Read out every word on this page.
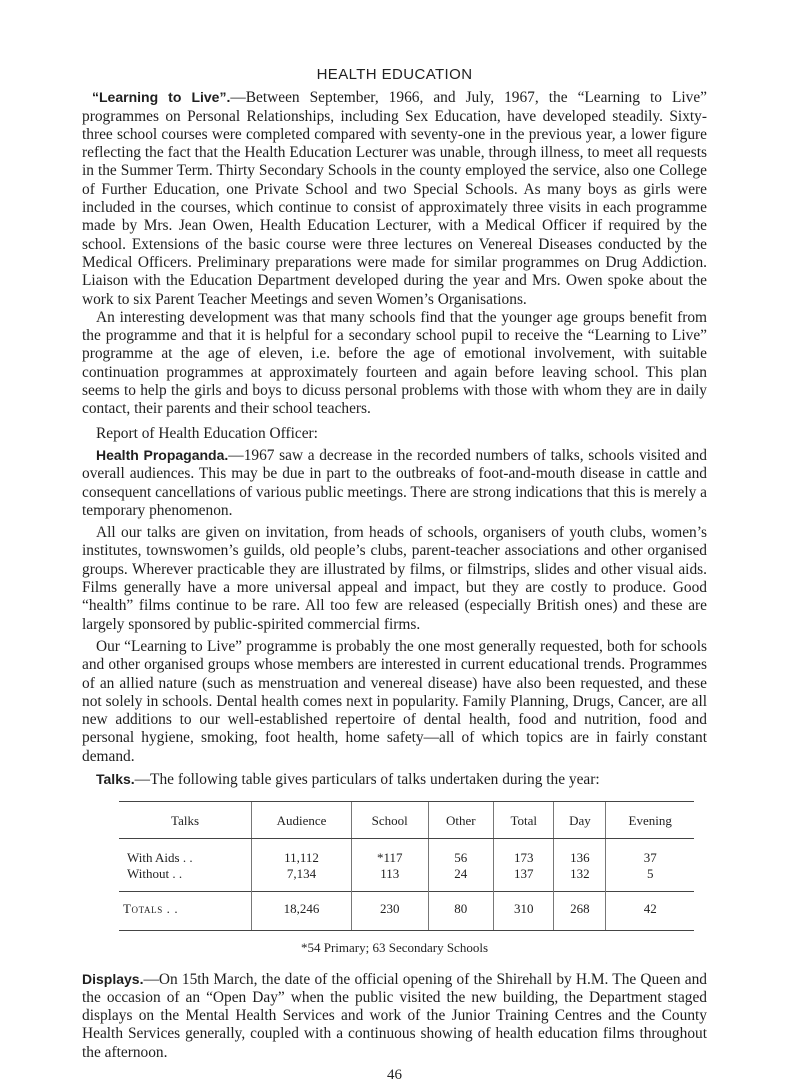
HEALTH EDUCATION

“Learning to Live”.—Between September, 1966, and July, 1967, the “Learning to Live” programmes on Personal Relationships, including Sex Education, have developed steadily. Sixty-three school courses were completed compared with seventy-one in the previous year, a lower figure reflecting the fact that the Health Education Lecturer was unable, through illness, to meet all requests in the Summer Term. Thirty Secondary Schools in the county employed the service, also one College of Further Education, one Private School and two Special Schools. As many boys as girls were included in the courses, which continue to consist of approximately three visits in each programme made by Mrs. Jean Owen, Health Education Lecturer, with a Medical Officer if required by the school. Extensions of the basic course were three lectures on Venereal Diseases conducted by the Medical Officers. Preliminary preparations were made for similar programmes on Drug Addiction. Liaison with the Education Department developed during the year and Mrs. Owen spoke about the work to six Parent Teacher Meetings and seven Women’s Organisations.

An interesting development was that many schools find that the younger age groups benefit from the programme and that it is helpful for a secondary school pupil to receive the “Learning to Live” programme at the age of eleven, i.e. before the age of emotional involvement, with suitable continuation programmes at approximately fourteen and again before leaving school. This plan seems to help the girls and boys to dicuss personal problems with those with whom they are in daily contact, their parents and their school teachers.

Report of Health Education Officer:

Health Propaganda.—1967 saw a decrease in the recorded numbers of talks, schools visited and overall audiences. This may be due in part to the outbreaks of foot-and-mouth disease in cattle and consequent cancellations of various public meetings. There are strong indications that this is merely a temporary phenomenon.

All our talks are given on invitation, from heads of schools, organisers of youth clubs, women’s institutes, townswomen’s guilds, old people’s clubs, parent-teacher associations and other organised groups. Wherever practicable they are illustrated by films, or filmstrips, slides and other visual aids. Films generally have a more universal appeal and impact, but they are costly to produce. Good “health” films continue to be rare. All too few are released (especially British ones) and these are largely sponsored by public-spirited commercial firms.

Our “Learning to Live” programme is probably the one most generally requested, both for schools and other organised groups whose members are interested in current educational trends. Programmes of an allied nature (such as menstruation and venereal disease) have also been requested, and these not solely in schools. Dental health comes next in popularity. Family Planning, Drugs, Cancer, are all new additions to our well-established repertoire of dental health, food and nutrition, food and personal hygiene, smoking, foot health, home safety—all of which topics are in fairly constant demand.

Talks.—The following table gives particulars of talks undertaken during the year:

Talks	Audience	School	Other	Total	Day	Evening
With Aids . .	11,112	*117	56	173	136	37
Without . .	7,134	113	24	137	132	5
Totals . .	18,246	230	80	310	268	42
*54 Primary; 63 Secondary Schools

Displays.—On 15th March, the date of the official opening of the Shirehall by H.M. The Queen and the occasion of an “Open Day” when the public visited the new building, the Department staged displays on the Mental Health Services and work of the Junior Training Centres and the County Health Services generally, coupled with a continuous showing of health education films throughout the afternoon.

46
